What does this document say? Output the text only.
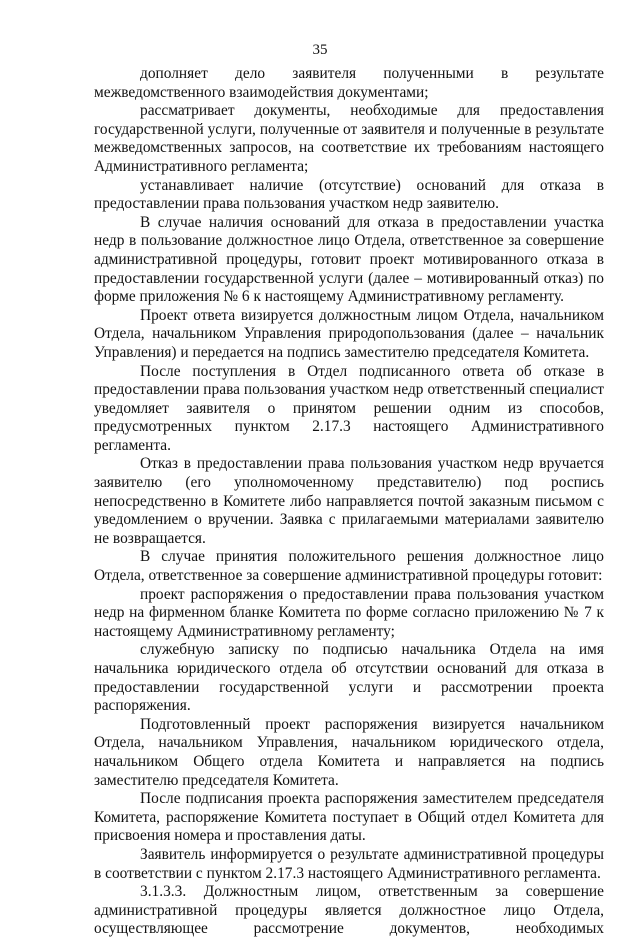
35

дополняет дело заявителя полученными в результате межведомственного взаимодействия документами;

рассматривает документы, необходимые для предоставления государственной услуги, полученные от заявителя и полученные в результате межведомственных запросов, на соответствие их требованиям настоящего Административного регламента;

устанавливает наличие (отсутствие) оснований для отказа в предоставлении права пользования участком недр заявителю.

В случае наличия оснований для отказа в предоставлении участка недр в пользование должностное лицо Отдела, ответственное за совершение административной процедуры, готовит проект мотивированного отказа в предоставлении государственной услуги (далее – мотивированный отказ) по форме приложения № 6 к настоящему Административному регламенту.

Проект ответа визируется должностным лицом Отдела, начальником Отдела, начальником Управления природопользования (далее – начальник Управления) и передается на подпись заместителю председателя Комитета.

После поступления в Отдел подписанного ответа об отказе в предоставлении права пользования участком недр ответственный специалист уведомляет заявителя о принятом решении одним из способов, предусмотренных пунктом 2.17.3 настоящего Административного регламента.

Отказ в предоставлении права пользования участком недр вручается заявителю (его уполномоченному представителю) под роспись непосредственно в Комитете либо направляется почтой заказным письмом с уведомлением о вручении. Заявка с прилагаемыми материалами заявителю не возвращается.

В случае принятия положительного решения должностное лицо Отдела, ответственное за совершение административной процедуры готовит:

проект распоряжения о предоставлении права пользования участком недр на фирменном бланке Комитета по форме согласно приложению № 7 к настоящему Административному регламенту;

служебную записку по подписью начальника Отдела на имя начальника юридического отдела об отсутствии оснований для отказа в предоставлении государственной услуги и рассмотрении проекта распоряжения.

Подготовленный проект распоряжения визируется начальником Отдела, начальником Управления, начальником юридического отдела, начальником Общего отдела Комитета и направляется на подпись заместителю председателя Комитета.

После подписания проекта распоряжения заместителем председателя Комитета, распоряжение Комитета поступает в Общий отдел Комитета для присвоения номера и проставления даты.

Заявитель информируется о результате административной процедуры в соответствии с пунктом 2.17.3 настоящего Административного регламента.

3.1.3.3. Должностным лицом, ответственным за совершение административной процедуры является должностное лицо Отдела, осуществляющее рассмотрение документов, необходимых
